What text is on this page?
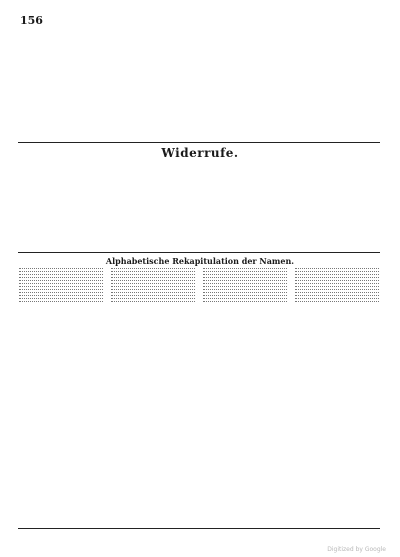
156

Widerrufe.
Alphabetische Rekapitulation der Namen.
Digitized by Google
